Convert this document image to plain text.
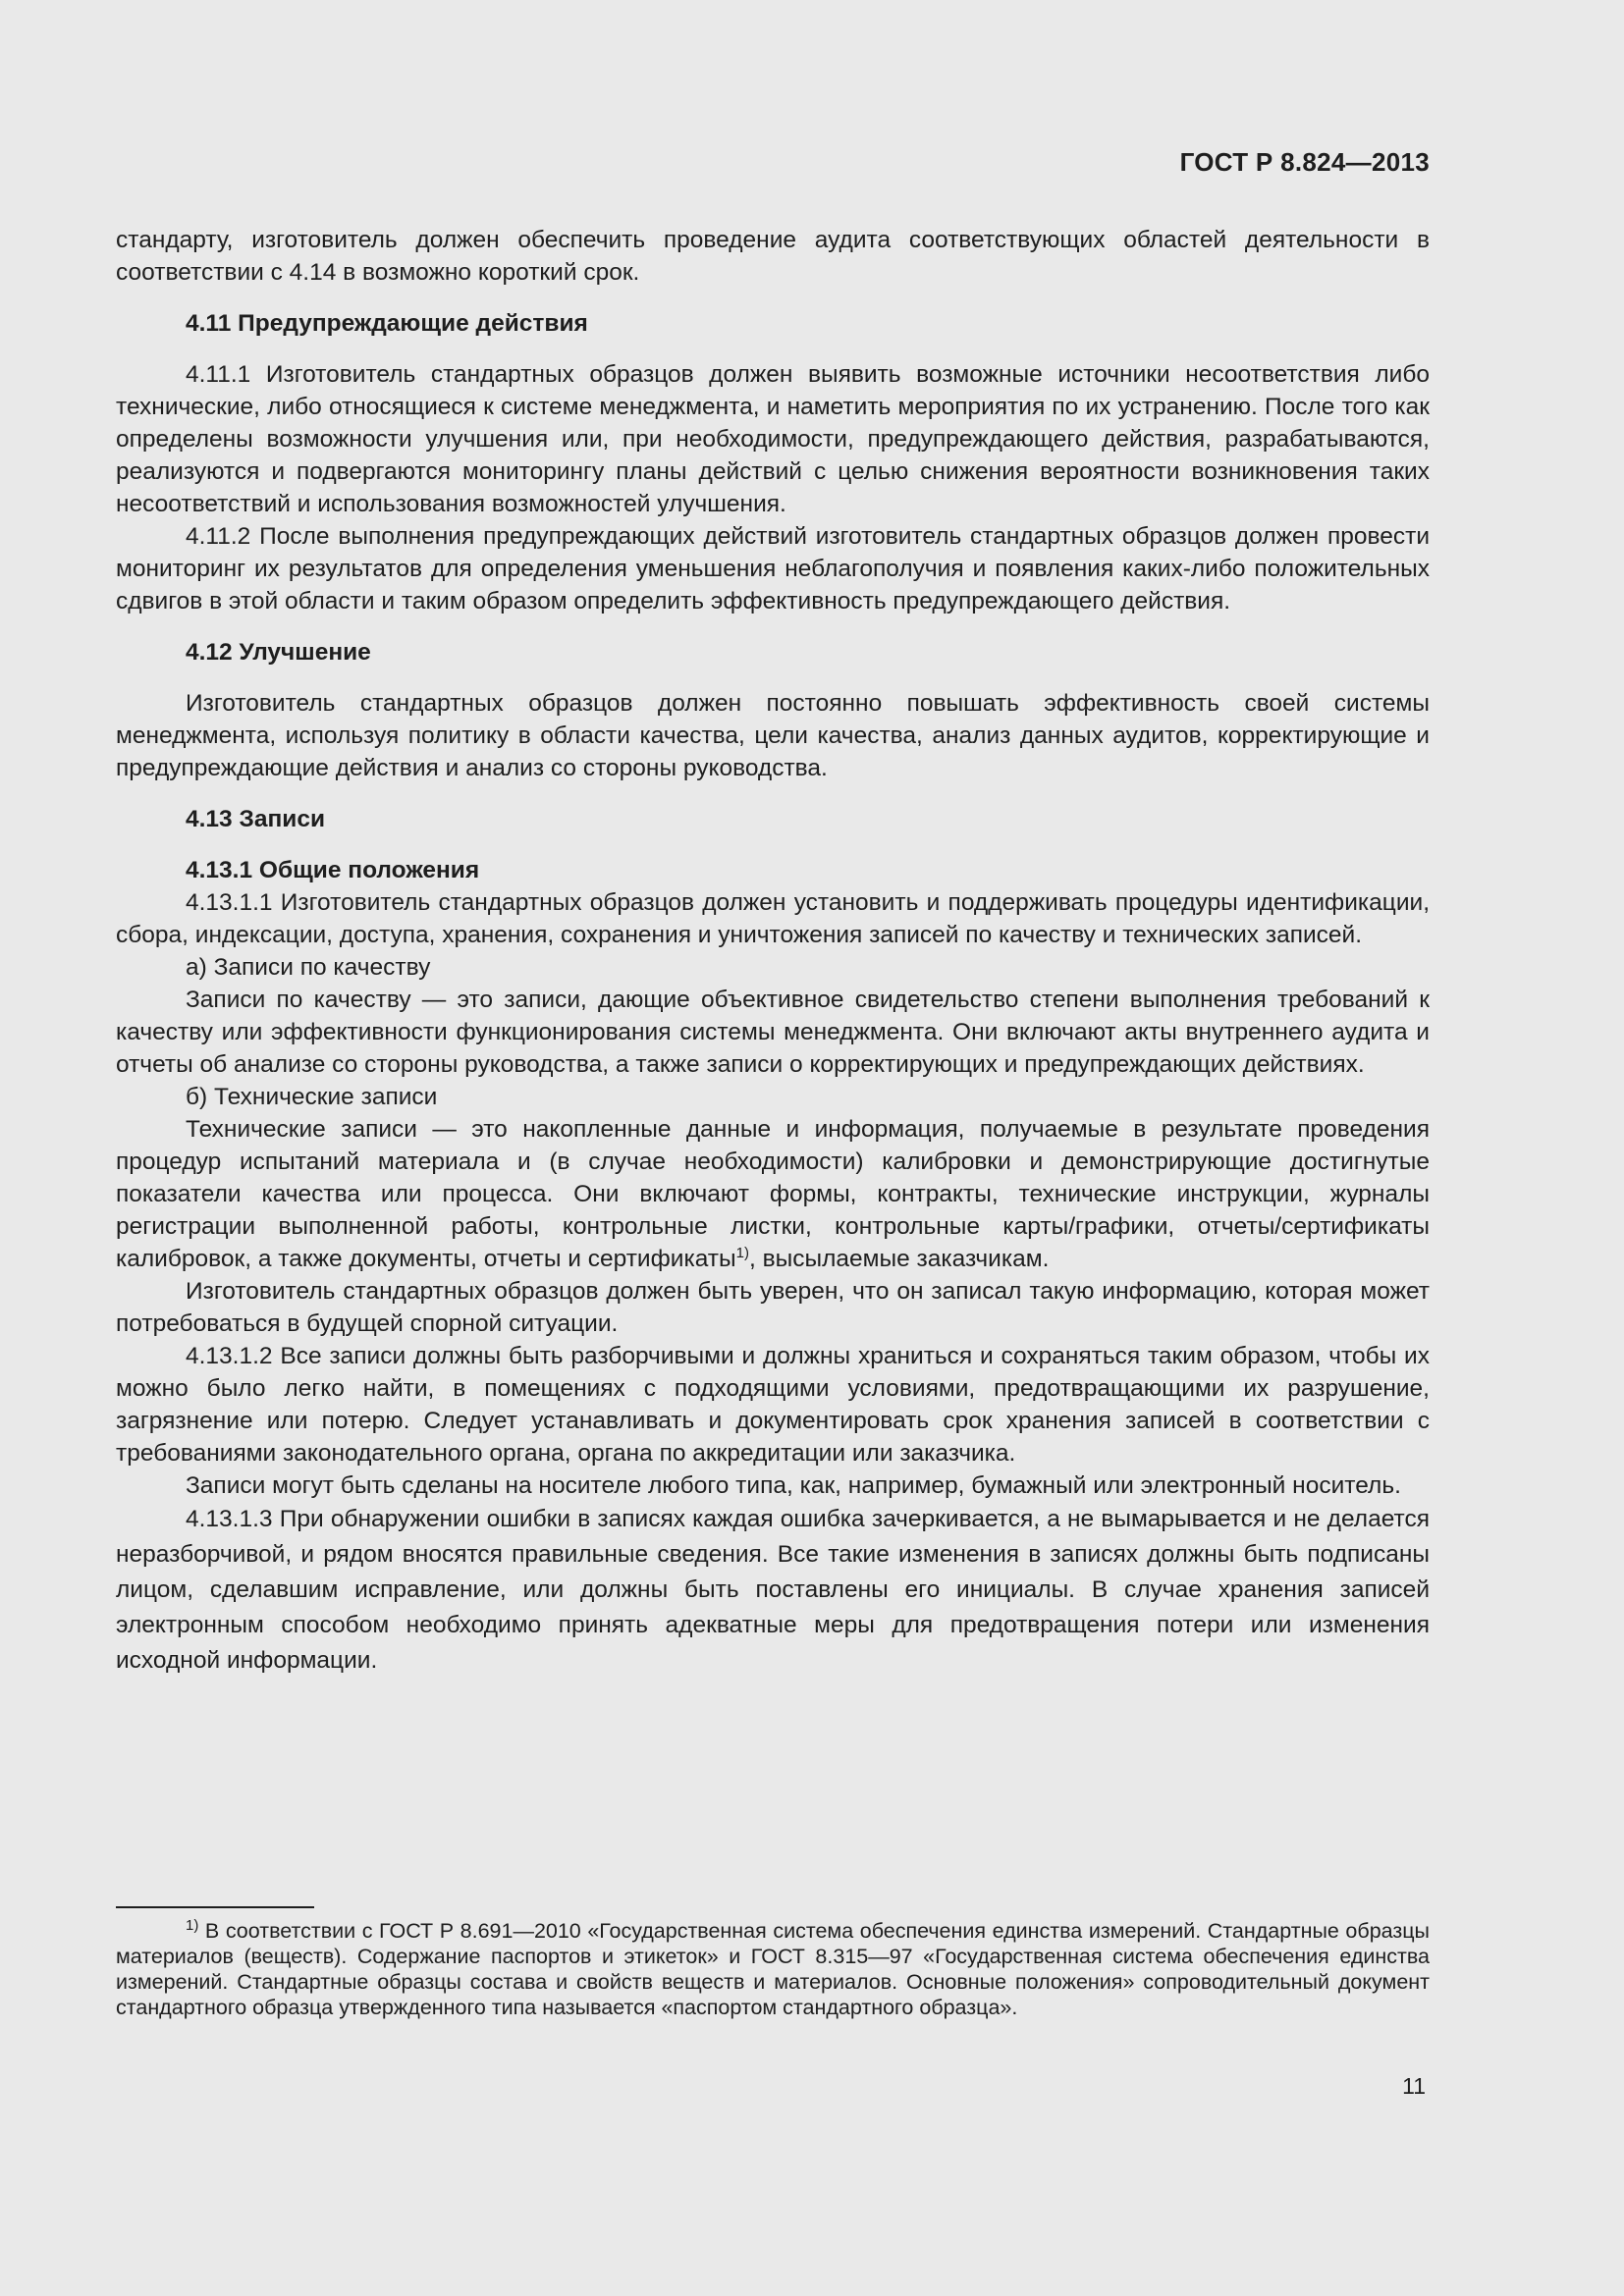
ГОСТ Р 8.824—2013

стандарту, изготовитель должен обеспечить проведение аудита соответствующих областей деятельности в соответствии с 4.14 в возможно короткий срок.

4.11 Предупреждающие действия

4.11.1 Изготовитель стандартных образцов должен выявить возможные источники несоответствия либо технические, либо относящиеся к системе менеджмента, и наметить мероприятия по их устранению. После того как определены возможности улучшения или, при необходимости, предупреждающего действия, разрабатываются, реализуются и подвергаются мониторингу планы действий с целью снижения вероятности возникновения таких несоответствий и использования возможностей улучшения.

4.11.2 После выполнения предупреждающих действий изготовитель стандартных образцов должен провести мониторинг их результатов для определения уменьшения неблагополучия и появления каких-либо положительных сдвигов в этой области и таким образом определить эффективность предупреждающего действия.

4.12 Улучшение

Изготовитель стандартных образцов должен постоянно повышать эффективность своей системы менеджмента, используя политику в области качества, цели качества, анализ данных аудитов, корректирующие и предупреждающие действия и анализ со стороны руководства.

4.13 Записи

4.13.1 Общие положения

4.13.1.1 Изготовитель стандартных образцов должен установить и поддерживать процедуры идентификации, сбора, индексации, доступа, хранения, сохранения и уничтожения записей по качеству и технических записей.

а) Записи по качеству

Записи по качеству — это записи, дающие объективное свидетельство степени выполнения требований к качеству или эффективности функционирования системы менеджмента. Они включают акты внутреннего аудита и отчеты об анализе со стороны руководства, а также записи о корректирующих и предупреждающих действиях.

б) Технические записи

Технические записи — это накопленные данные и информация, получаемые в результате проведения процедур испытаний материала и (в случае необходимости) калибровки и демонстрирующие достигнутые показатели качества или процесса. Они включают формы, контракты, технические инструкции, журналы регистрации выполненной работы, контрольные листки, контрольные карты/графики, отчеты/сертификаты калибровок, а также документы, отчеты и сертификаты$^{1)}$, высылаемые заказчикам.

Изготовитель стандартных образцов должен быть уверен, что он записал такую информацию, которая может потребоваться в будущей спорной ситуации.

4.13.1.2 Все записи должны быть разборчивыми и должны храниться и сохраняться таким образом, чтобы их можно было легко найти, в помещениях с подходящими условиями, предотвращающими их разрушение, загрязнение или потерю. Следует устанавливать и документировать срок хранения записей в соответствии с требованиями законодательного органа, органа по аккредитации или заказчика.

Записи могут быть сделаны на носителе любого типа, как, например, бумажный или электронный носитель.

4.13.1.3 При обнаружении ошибки в записях каждая ошибка зачеркивается, а не вымарывается и не делается неразборчивой, и рядом вносятся правильные сведения. Все такие изменения в записях должны быть подписаны лицом, сделавшим исправление, или должны быть поставлены его инициалы. В случае хранения записей электронным способом необходимо принять адекватные меры для предотвращения потери или изменения исходной информации.

$^{1)}$ В соответствии с ГОСТ Р 8.691—2010 «Государственная система обеспечения единства измерений. Стандартные образцы материалов (веществ). Содержание паспортов и этикеток» и ГОСТ 8.315—97 «Государственная система обеспечения единства измерений. Стандартные образцы состава и свойств веществ и материалов. Основные положения» сопроводительный документ стандартного образца утвержденного типа называется «паспортом стандартного образца».
11
